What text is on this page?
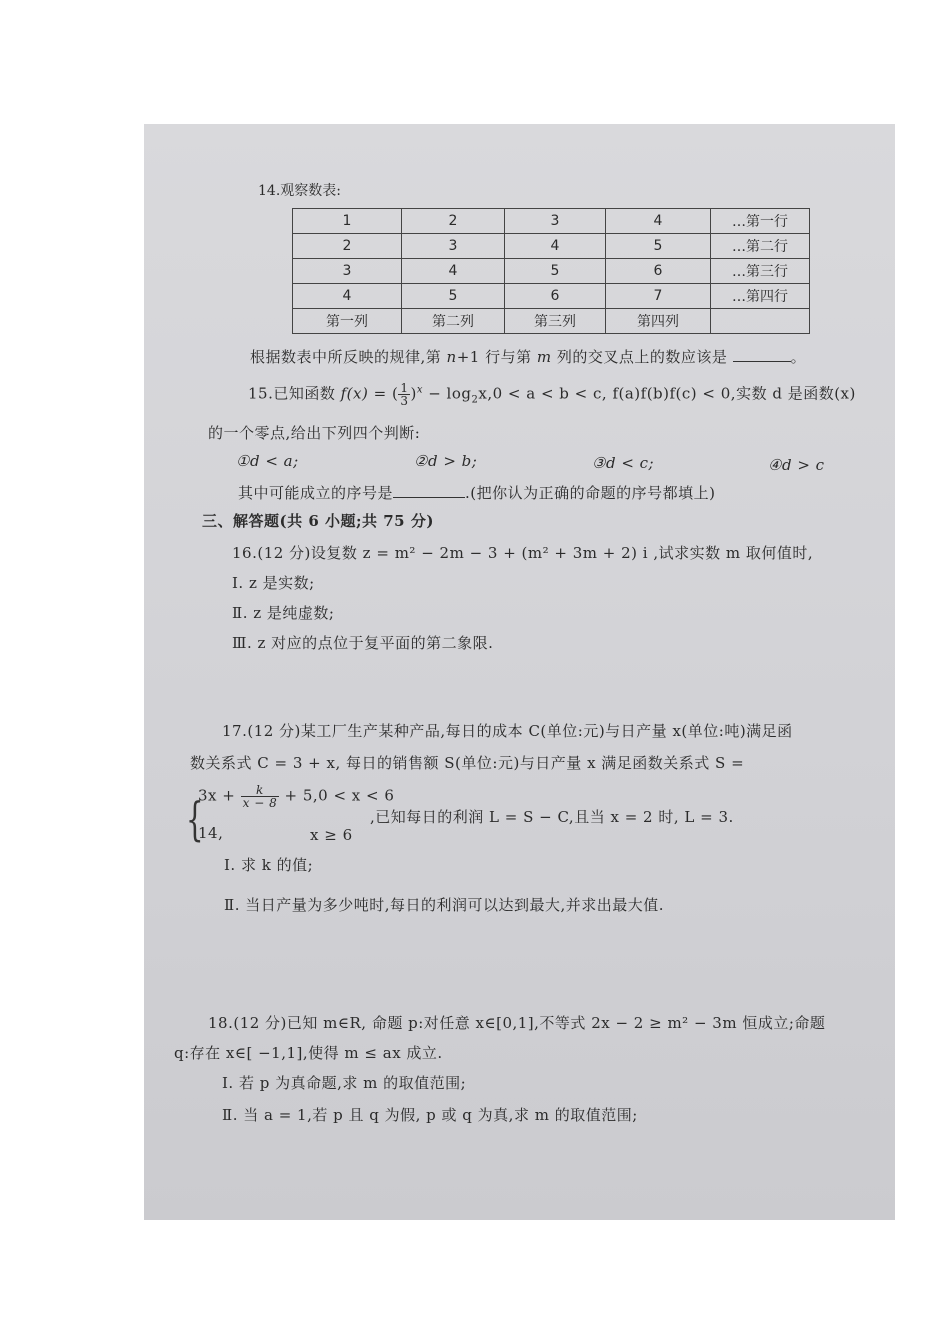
14.观察数表:
1	2	3	4	…第一行
2	3	4	5	…第二行
3	4	5	6	…第三行
4	5	6	7	…第四行
第一列	第二列	第三列	第四列	
根据数表中所反映的规律,第 n+1 行与第 m 列的交叉点上的数应该是	。
15.已知函数 f(x) = ( $\frac{1}{3} )^x - \log_2x,0 < a < b < c$, f(a)f(b)f(c) < 0,实数 d 是函数(x)
的一个零点,给出下列四个判断:
①d < a;	②d > b;	③d < c;	④d > c
其中可能成立的序号是	.(把你认为正确的命题的序号都填上)
三、解答题(共 6 小题;共 75 分)
16.(12 分)设复数 z = m² − 2m − 3 + (m² + 3m + 2) i ,试求实数 m 取何值时,
Ⅰ. z 是实数;
Ⅱ. z 是纯虚数;
Ⅲ. z 对应的点位于复平面的第二象限.
17.(12 分)某工厂生产某种产品,每日的成本 C(单位:元)与日产量 x(单位:吨)满足函
数关系式 C = 3 + x, 每日的销售额 S(单位:元)与日产量 x 满足函数关系式 S =
{
$3x + \frac{k}{x - 8} + 5,0 < x < 6$
14,	x ≥ 6
,已知每日的利润 L = S − C,且当 x = 2 时, L = 3.
Ⅰ. 求 k 的值;
Ⅱ. 当日产量为多少吨时,每日的利润可以达到最大,并求出最大值.
18.(12 分)已知 m∈R, 命题 p:对任意 x∈[0,1],不等式 2x − 2 ≥ m² − 3m 恒成立;命题
q:存在 x∈[ −1,1],使得 m ≤ ax 成立.
Ⅰ. 若 p 为真命题,求 m 的取值范围;
Ⅱ. 当 a = 1,若 p 且 q 为假, p 或 q 为真,求 m 的取值范围;
